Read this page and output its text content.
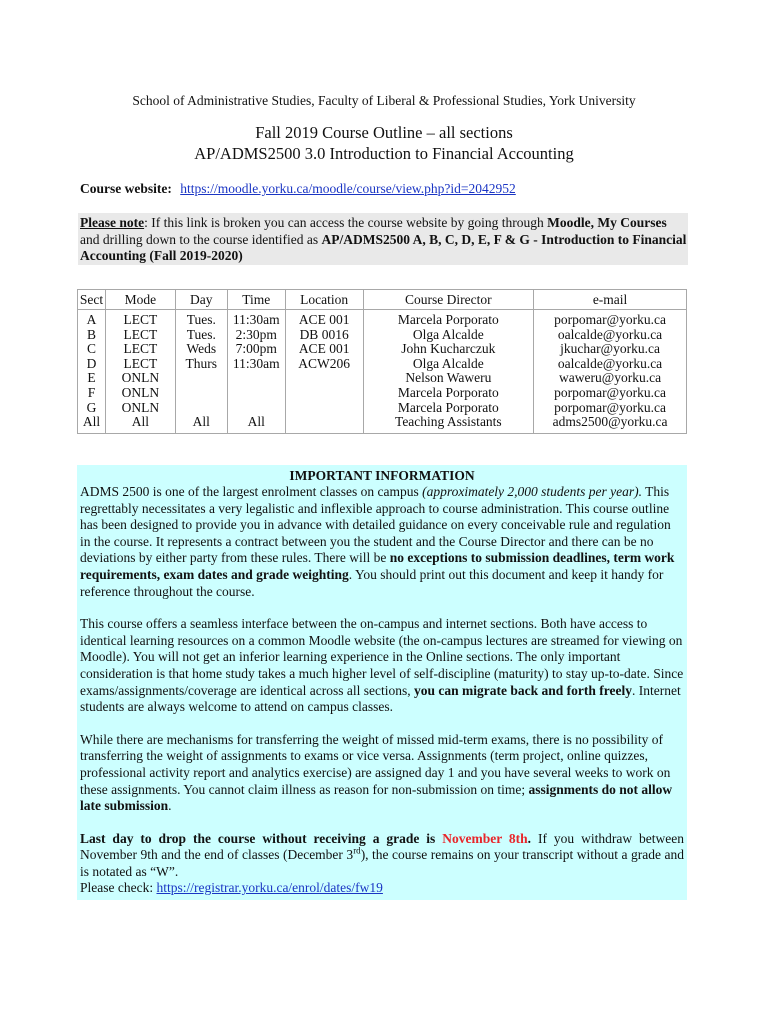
School of Administrative Studies, Faculty of Liberal & Professional Studies, York University
Fall 2019 Course Outline – all sections
AP/ADMS2500 3.0 Introduction to Financial Accounting
Course website: https://moodle.yorku.ca/moodle/course/view.php?id=2042952
Please note: If this link is broken you can access the course website by going through Moodle, My Courses and drilling down to the course identified as AP/ADMS2500 A, B, C, D, E, F & G - Introduction to Financial Accounting (Fall 2019-2020)
Sect	Mode	Day	Time	Location	Course Director	e-mail
A	LECT	Tues.	11:30am	ACE 001	Marcela Porporato	porpomar@yorku.ca
B	LECT	Tues.	2:30pm	DB 0016	Olga Alcalde	oalcalde@yorku.ca
C	LECT	Weds	7:00pm	ACE 001	John Kucharczuk	jkuchar@yorku.ca
D	LECT	Thurs	11:30am	ACW206	Olga Alcalde	oalcalde@yorku.ca
E	ONLN				Nelson Waweru	waweru@yorku.ca
F	ONLN				Marcela Porporato	porpomar@yorku.ca
G	ONLN				Marcela Porporato	porpomar@yorku.ca
All	All	All	All		Teaching Assistants	adms2500@yorku.ca
IMPORTANT INFORMATION

ADMS 2500 is one of the largest enrolment classes on campus (approximately 2,000 students per year). This regrettably necessitates a very legalistic and inflexible approach to course administration. This course outline has been designed to provide you in advance with detailed guidance on every conceivable rule and regulation in the course. It represents a contract between you the student and the Course Director and there can be no deviations by either party from these rules. There will be no exceptions to submission deadlines, term work requirements, exam dates and grade weighting. You should print out this document and keep it handy for reference throughout the course.

This course offers a seamless interface between the on-campus and internet sections. Both have access to identical learning resources on a common Moodle website (the on-campus lectures are streamed for viewing on Moodle). You will not get an inferior learning experience in the Online sections. The only important consideration is that home study takes a much higher level of self-discipline (maturity) to stay up-to-date. Since exams/assignments/coverage are identical across all sections, you can migrate back and forth freely. Internet students are always welcome to attend on campus classes.

While there are mechanisms for transferring the weight of missed mid-term exams, there is no possibility of transferring the weight of assignments to exams or vice versa. Assignments (term project, online quizzes, professional activity report and analytics exercise) are assigned day 1 and you have several weeks to work on these assignments. You cannot claim illness as reason for non-submission on time; assignments do not allow late submission.

Last day to drop the course without receiving a grade is November 8th. If you withdraw between November 9th and the end of classes (December 3rd), the course remains on your transcript without a grade and is notated as “W”.

Please check: https://registrar.yorku.ca/enrol/dates/fw19
